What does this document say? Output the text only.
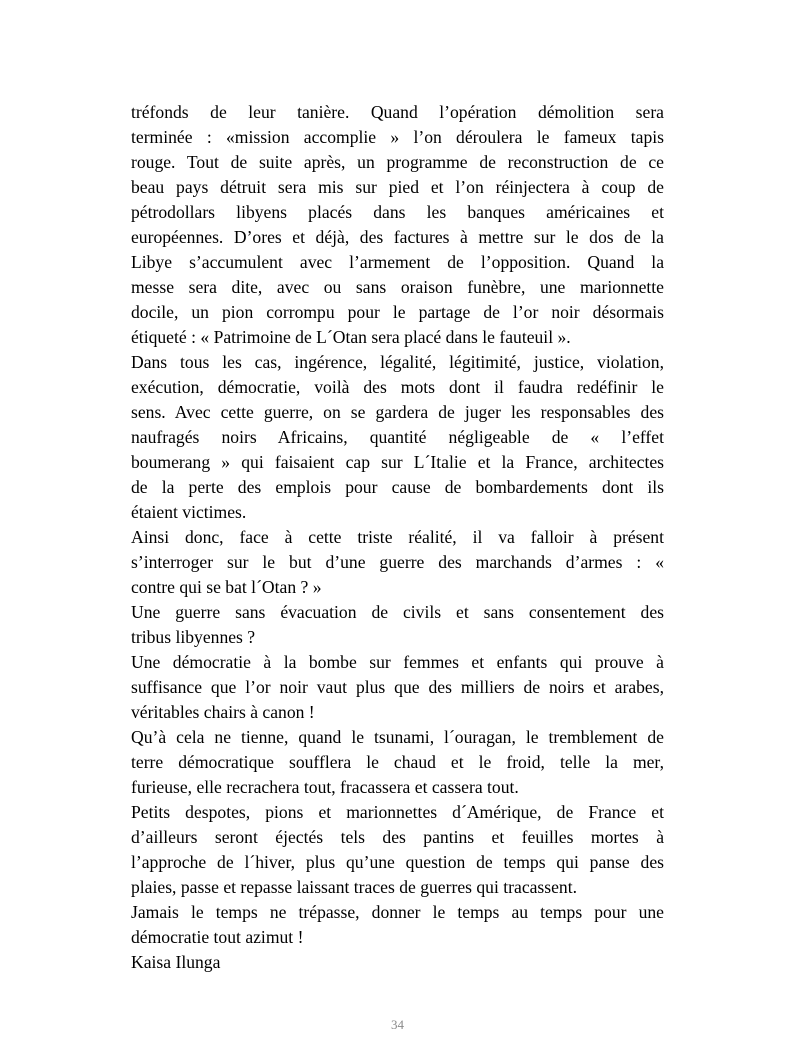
tréfonds de leur tanière. Quand l’opération démolition sera
terminée : «mission accomplie » l’on déroulera le fameux tapis
rouge. Tout de suite après, un programme de reconstruction de ce
beau pays détruit sera mis sur pied et l’on réinjectera à coup de
pétrodollars libyens placés dans les banques américaines et
européennes. D’ores et déjà, des factures à mettre sur le dos de la
Libye s’accumulent avec l’armement de l’opposition. Quand la
messe sera dite, avec ou sans oraison funèbre, une marionnette
docile, un pion corrompu pour le partage de l’or noir désormais
étiqueté : « Patrimoine de L´Otan sera placé dans le fauteuil ».
Dans tous les cas, ingérence, légalité, légitimité, justice, violation,
exécution, démocratie, voilà des mots dont il faudra redéfinir le
sens. Avec cette guerre, on se gardera de juger les responsables des
naufragés noirs Africains, quantité négligeable de « l’effet
boumerang » qui faisaient cap sur L´Italie et la France, architectes
de la perte des emplois pour cause de bombardements dont ils
étaient victimes.
Ainsi donc, face à cette triste réalité, il va falloir à présent
s’interroger sur le but d’une guerre des marchands d’armes : «
contre qui se bat l´Otan ? »
Une guerre sans évacuation de civils et sans consentement des
tribus libyennes ?
Une démocratie à la bombe sur femmes et enfants qui prouve à
suffisance que l’or noir vaut plus que des milliers de noirs et arabes,
véritables chairs à canon !
Qu’à cela ne tienne, quand le tsunami, l´ouragan, le tremblement de
terre démocratique soufflera le chaud et le froid, telle la mer,
furieuse, elle recrachera tout, fracassera et cassera tout.
Petits despotes, pions et marionnettes d´Amérique, de France et
d’ailleurs seront éjectés tels des pantins et feuilles mortes à
l’approche de l´hiver, plus qu’une question de temps qui panse des
plaies, passe et repasse laissant traces de guerres qui tracassent.
Jamais le temps ne trépasse, donner le temps au temps pour une
démocratie tout azimut !
Kaisa Ilunga
34
